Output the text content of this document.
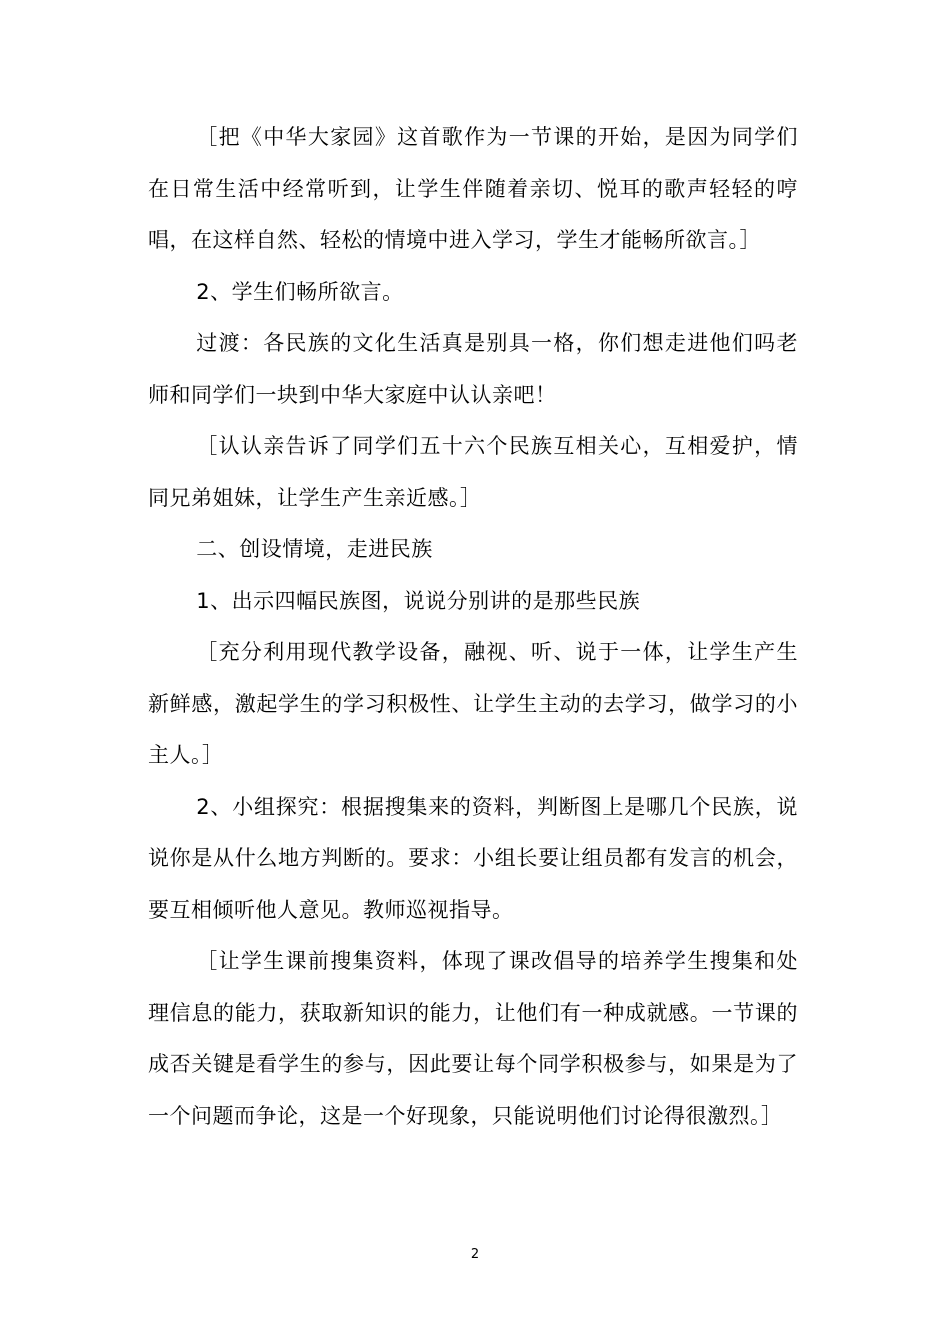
［把《中华大家园》这首歌作为一节课的开始，是因为同学们在日常生活中经常听到，让学生伴随着亲切、悦耳的歌声轻轻的哼唱，在这样自然、轻松的情境中进入学习，学生才能畅所欲言。］

2、学生们畅所欲言。

过渡：各民族的文化生活真是别具一格，你们想走进他们吗老师和同学们一块到中华大家庭中认认亲吧！

［认认亲告诉了同学们五十六个民族互相关心，互相爱护，情同兄弟姐妹，让学生产生亲近感。］

二、创设情境，走进民族

1、出示四幅民族图，说说分别讲的是那些民族

［充分利用现代教学设备，融视、听、说于一体，让学生产生新鲜感，激起学生的学习积极性、让学生主动的去学习，做学习的小主人。］

2、小组探究：根据搜集来的资料，判断图上是哪几个民族，说说你是从什么地方判断的。要求：小组长要让组员都有发言的机会，要互相倾听他人意见。教师巡视指导。

［让学生课前搜集资料，体现了课改倡导的培养学生搜集和处理信息的能力，获取新知识的能力，让他们有一种成就感。一节课的成否关键是看学生的参与，因此要让每个同学积极参与，如果是为了一个问题而争论，这是一个好现象，只能说明他们讨论得很激烈。］

2
